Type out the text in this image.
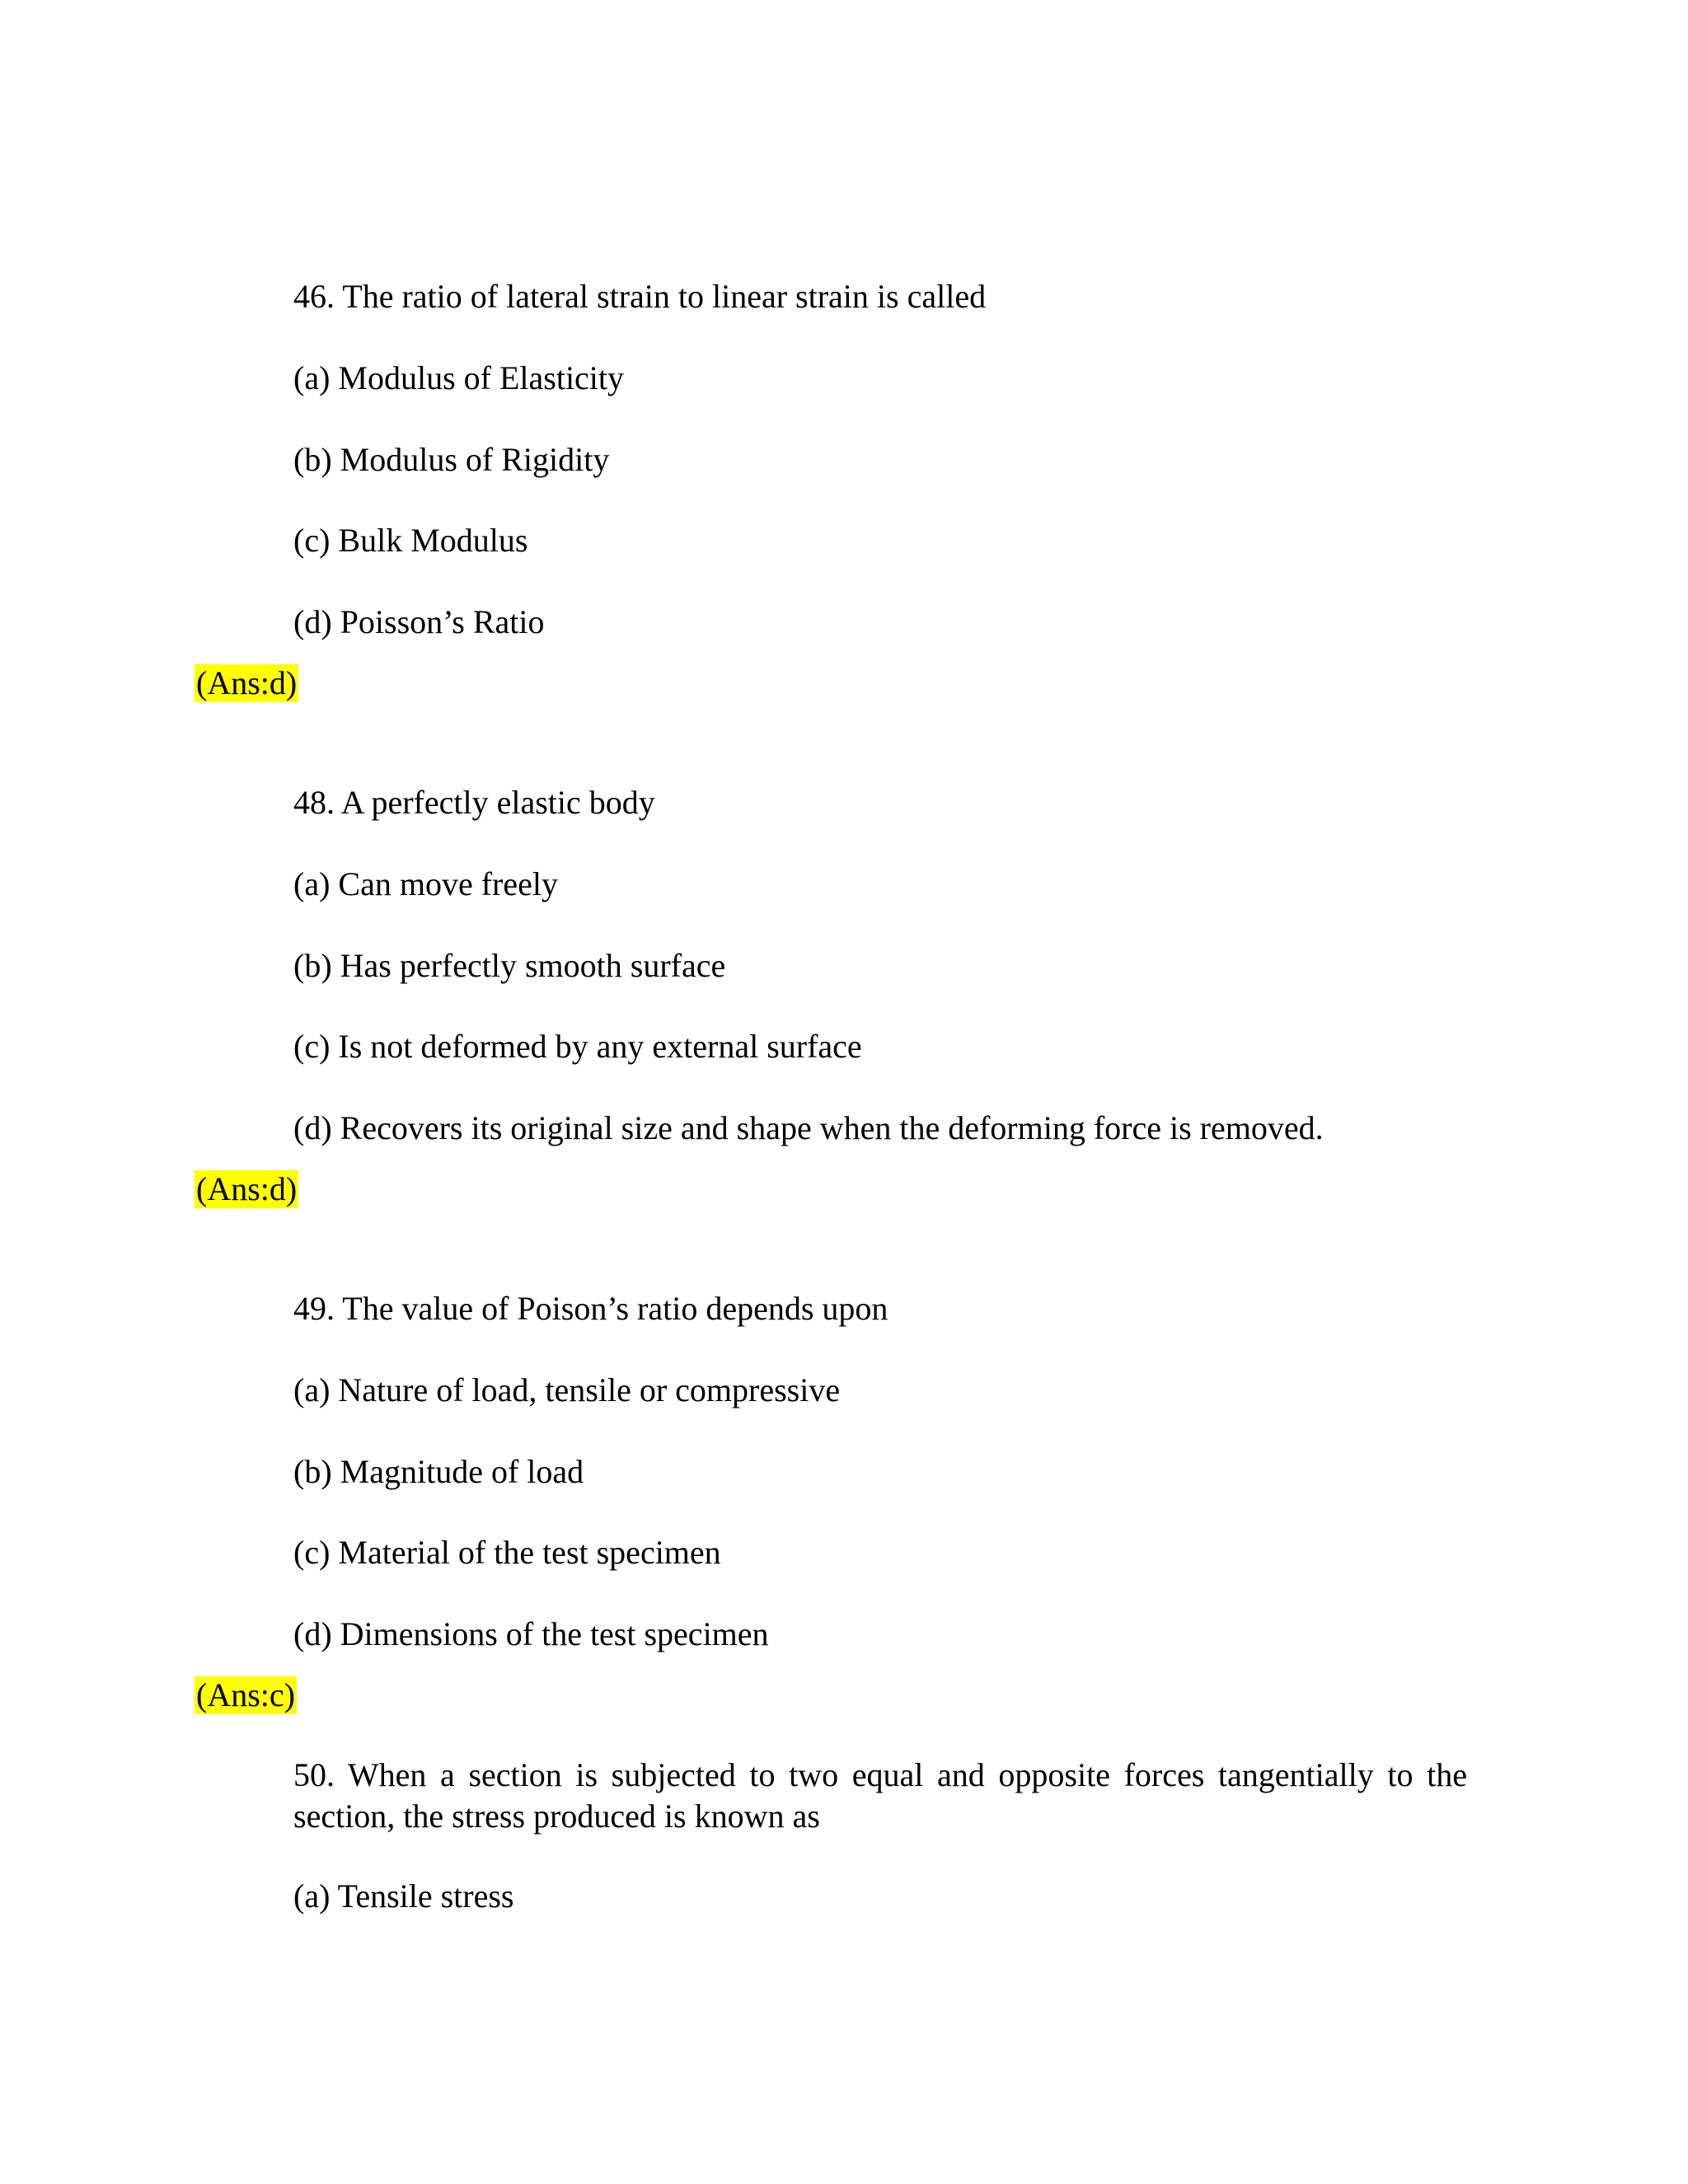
46. The ratio of lateral strain to linear strain is called
(a) Modulus of Elasticity
(b) Modulus of Rigidity
(c) Bulk Modulus
(d) Poisson’s Ratio
(Ans:d)
48. A perfectly elastic body
(a) Can move freely
(b) Has perfectly smooth surface
(c) Is not deformed by any external surface
(d) Recovers its original size and shape when the deforming force is removed.
(Ans:d)
49. The value of Poison’s ratio depends upon
(a) Nature of load, tensile or compressive
(b) Magnitude of load
(c) Material of the test specimen
(d) Dimensions of the test specimen
(Ans:c)
50. When a section is subjected to two equal and opposite forces tangentially to the section, the stress produced is known as
(a) Tensile stress
